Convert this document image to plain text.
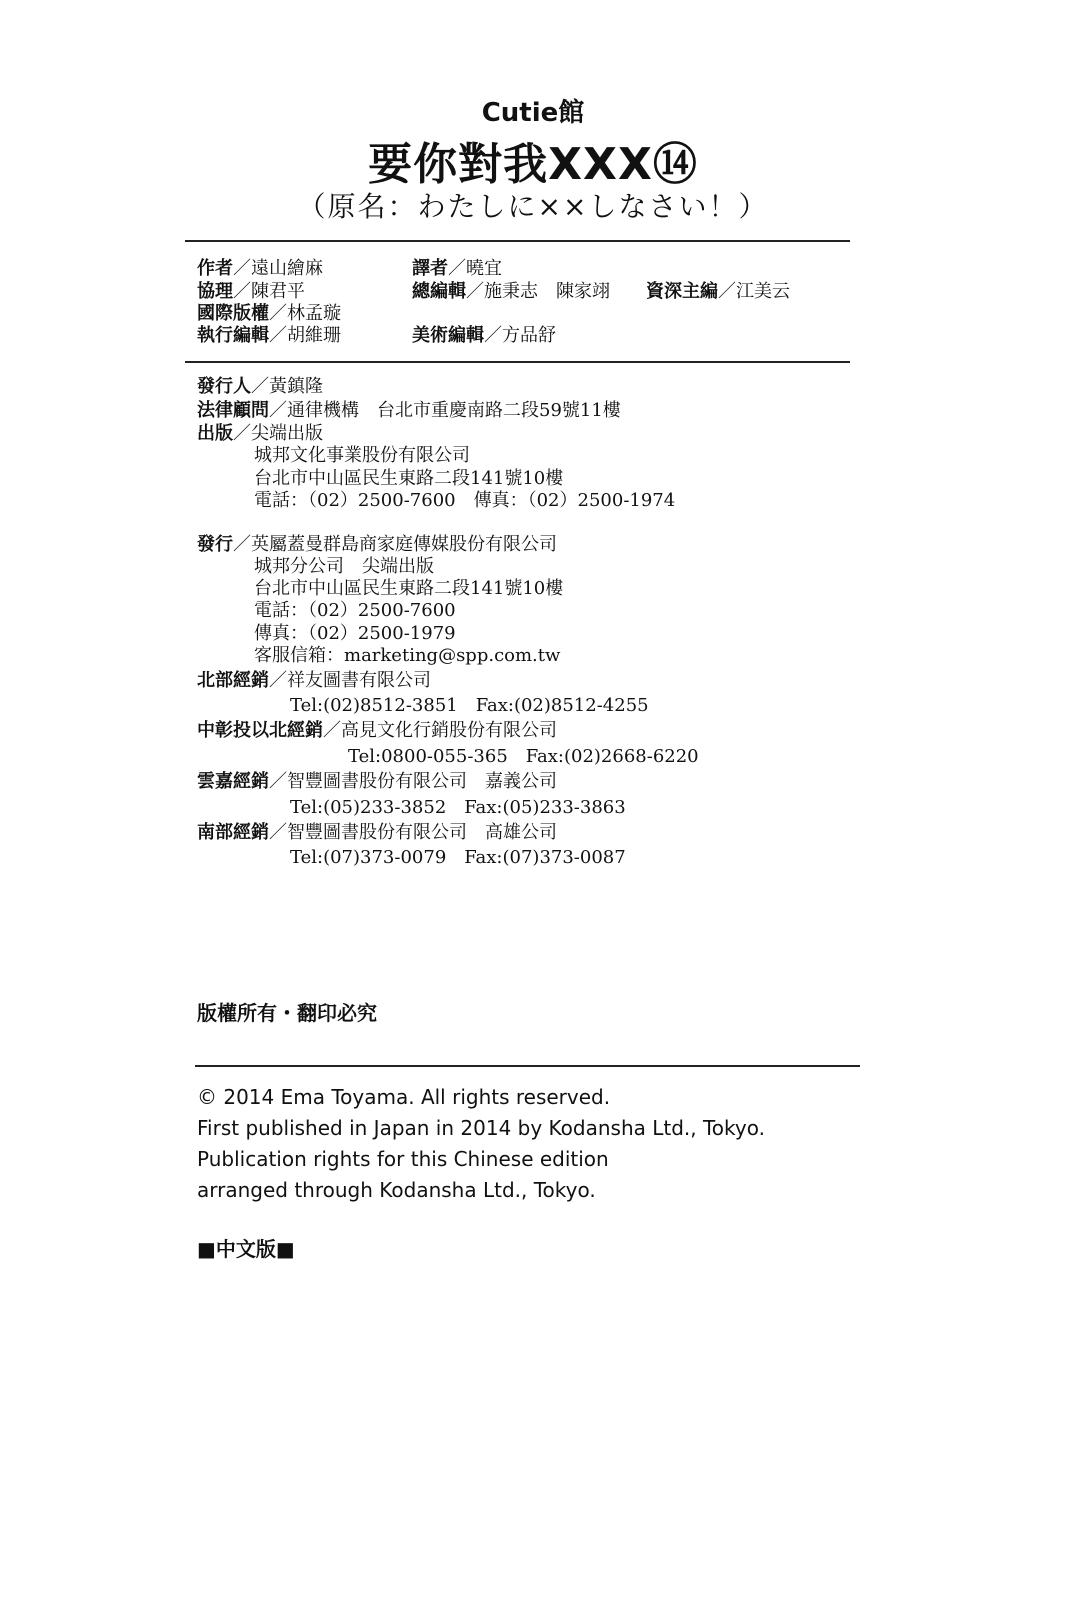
Cutie館
要你對我XXX⑭
（原名：わたしに××しなさい！）
作者／遠山繪麻	譯者／曉宜
協理／陳君平	總編輯／施秉志　陳家翊 資深主編／江美云
國際版權／林孟璇
執行編輯／胡維珊	美術編輯／方品舒
發行人／黃鎮隆
法律顧問／通律機構　台北市重慶南路二段59號11樓
出版／尖端出版
城邦文化事業股份有限公司
台北市中山區民生東路二段141號10樓
電話：（02）2500-7600　傳真：（02）2500-1974
發行／英屬蓋曼群島商家庭傳媒股份有限公司
城邦分公司　尖端出版
台北市中山區民生東路二段141號10樓
電話：（02）2500-7600
傳真：（02）2500-1979
客服信箱：marketing@spp.com.tw
北部經銷／祥友圖書有限公司
Tel:(02)8512-3851　Fax:(02)8512-4255
中彰投以北經銷／高見文化行銷股份有限公司
Tel:0800-055-365　Fax:(02)2668-6220
雲嘉經銷／智豐圖書股份有限公司　嘉義公司
Tel:(05)233-3852　Fax:(05)233-3863
南部經銷／智豐圖書股份有限公司　高雄公司
Tel:(07)373-0079　Fax:(07)373-0087
版權所有・翻印必究
© 2014 Ema Toyama. All rights reserved.
First published in Japan in 2014 by Kodansha Ltd., Tokyo.
Publication rights for this Chinese edition
arranged through Kodansha Ltd., Tokyo.
■中文版■
